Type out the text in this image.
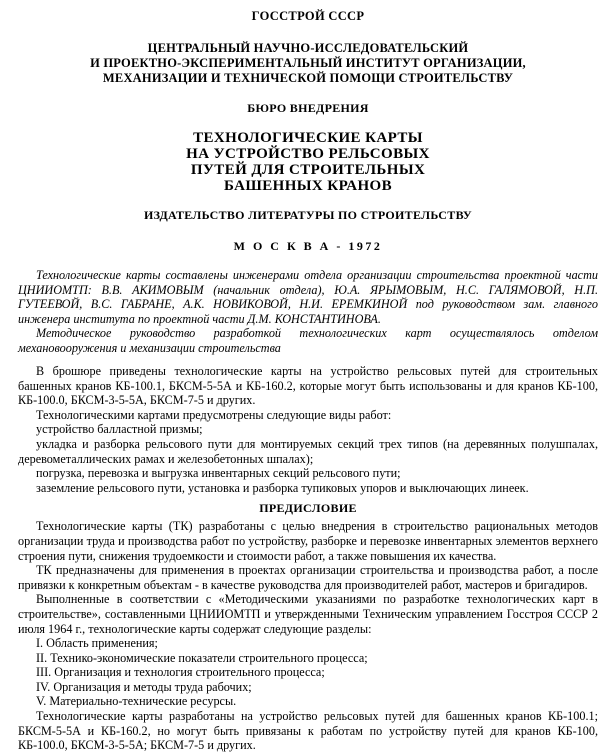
ГОССТРОЙ СССР
ЦЕНТРАЛЬНЫЙ НАУЧНО-ИССЛЕДОВАТЕЛЬСКИЙ
И ПРОЕКТНО-ЭКСПЕРИМЕНТАЛЬНЫЙ ИНСТИТУТ ОРГАНИЗАЦИИ,
МЕХАНИЗАЦИИ И ТЕХНИЧЕСКОЙ ПОМОЩИ СТРОИТЕЛЬСТВУ
БЮРО ВНЕДРЕНИЯ
ТЕХНОЛОГИЧЕСКИЕ КАРТЫ
НА УСТРОЙСТВО РЕЛЬСОВЫХ
ПУТЕЙ ДЛЯ СТРОИТЕЛЬНЫХ
БАШЕННЫХ КРАНОВ
ИЗДАТЕЛЬСТВО ЛИТЕРАТУРЫ ПО СТРОИТЕЛЬСТВУ
М О С К В А - 1972

Технологические карты составлены инженерами отдела организации строительства проектной части ЦНИИОМТП: В.В. АКИМОВЫМ (начальник отдела), Ю.А. ЯРЫМОВЫМ, Н.С. ГАЛЯМОВОЙ, Н.П. ГУТЕЕВОЙ, В.С. ГАБРАНЕ, А.К. НОВИКОВОЙ, Н.И. ЕРЕМКИНОЙ под руководством зам. главного инженера института по проектной части Д.М. КОНСТАНТИНОВА.

Методическое руководство разработкой технологических карт осуществлялось отделом механовооружения и механизации строительства

В брошюре приведены технологические карты на устройство рельсовых путей для строительных башенных кранов КБ-100.1, БКСМ-5-5А и КБ-160.2, которые могут быть использованы и для кранов КБ-100, КБ-100.0, БКСМ-3-5-5А, БКСМ-7-5 и других.

Технологическими картами предусмотрены следующие виды работ:

устройство балластной призмы;

укладка и разборка рельсового пути для монтируемых секций трех типов (на деревянных полушпалах, деревометаллических рамах и железобетонных шпалах);

погрузка, перевозка и выгрузка инвентарных секций рельсового пути;

заземление рельсового пути, установка и разборка тупиковых упоров и выключающих линеек.

ПРЕДИСЛОВИЕ

Технологические карты (ТК) разработаны с целью внедрения в строительство рациональных методов организации труда и производства работ по устройству, разборке и перевозке инвентарных элементов верхнего строения пути, снижения трудоемкости и стоимости работ, а также повышения их качества.

ТК предназначены для применения в проектах организации строительства и производства работ, а после привязки к конкретным объектам - в качестве руководства для производителей работ, мастеров и бригадиров.

Выполненные в соответствии с «Методическими указаниями по разработке технологических карт в строительстве», составленными ЦНИИОМТП и утвержденными Техническим управлением Госстроя СССР 2 июля 1964 г., технологические карты содержат следующие разделы:

I. Область применения;

II. Технико-экономические показатели строительного процесса;

III. Организация и технология строительного процесса;

IV. Организация и методы труда рабочих;

V. Материально-технические ресурсы.

Технологические карты разработаны на устройство рельсовых путей для башенных кранов КБ-100.1; БКСМ-5-5А и КБ-160.2, но могут быть привязаны к работам по устройству путей для кранов КБ-100, КБ-100.0, БКСМ-3-5-5А; БКСМ-7-5 и других.
